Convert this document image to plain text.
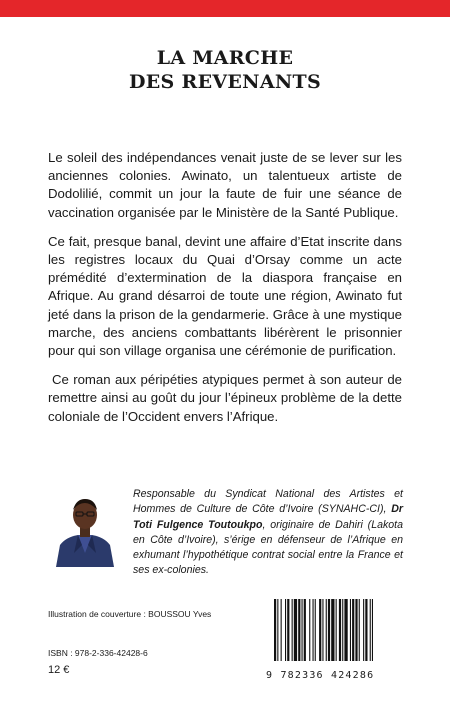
LA MARCHE
DES REVENANTS

Le soleil des indépendances venait juste de se lever sur les anciennes colonies. Awinato, un talentueux artiste de Dodolilié, commit un jour la faute de fuir une séance de vaccination organisée par le Ministère de la Santé Publique.

Ce fait, presque banal, devint une affaire d’Etat inscrite dans les registres locaux du Quai d’Orsay comme un acte prémédité d’extermination de la diaspora française en Afrique. Au grand désarroi de toute une région, Awinato fut jeté dans la prison de la gendarmerie. Grâce à une mystique marche, des anciens combattants libérèrent le prisonnier pour qui son village organisa une cérémonie de purification.

Ce roman aux péripéties atypiques permet à son auteur de remettre ainsi au goût du jour l’épineux problème de la dette coloniale de l’Occident envers l’Afrique.

Responsable du Syndicat National des Artistes et Hommes de Culture de Côte d’Ivoire (SYNAHC-CI), Dr Toti Fulgence Toutoukpo, originaire de Dahiri (Lakota en Côte d’Ivoire), s’érige en défenseur de l’Afrique en exhumant l’hypothétique contrat social entre la France et ses ex-colonies.
Illustration de couverture : BOUSSOU Yves
ISBN : 978-2-336-42428-6
12 €	9 782336 424286
